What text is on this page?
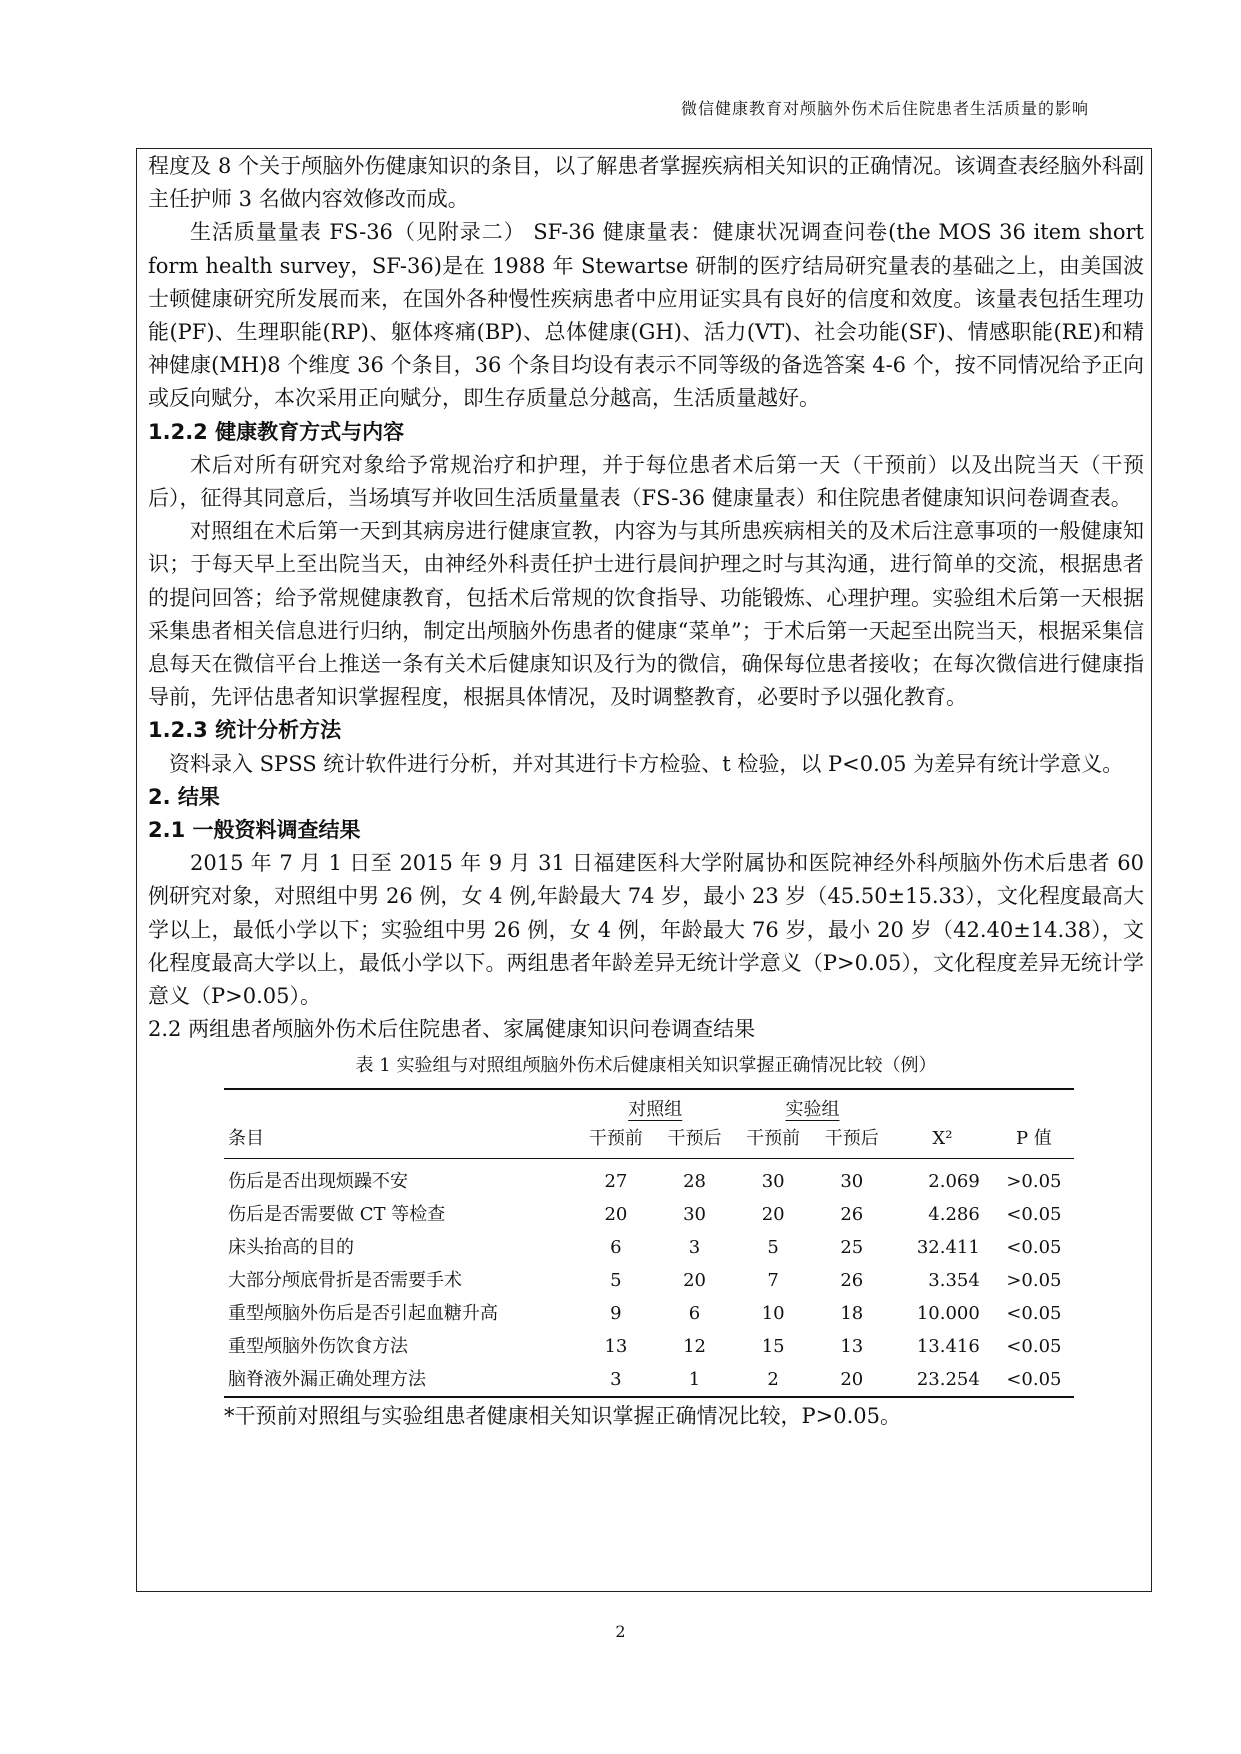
微信健康教育对颅脑外伤术后住院患者生活质量的影响

程度及 8 个关于颅脑外伤健康知识的条目，以了解患者掌握疾病相关知识的正确情况。该调查表经脑外科副主任护师 3 名做内容效修改而成。

生活质量量表 FS-36（见附录二） SF-36 健康量表：健康状况调查问卷(the MOS 36 item short form health survey，SF-36)是在 1988 年 Stewartse 研制的医疗结局研究量表的基础之上，由美国波士顿健康研究所发展而来，在国外各种慢性疾病患者中应用证实具有良好的信度和效度。该量表包括生理功能(PF)、生理职能(RP)、躯体疼痛(BP)、总体健康(GH)、活力(VT)、社会功能(SF)、情感职能(RE)和精神健康(MH)8 个维度 36 个条目，36 个条目均设有表示不同等级的备选答案 4-6 个，按不同情况给予正向或反向赋分，本次采用正向赋分，即生存质量总分越高，生活质量越好。

1.2.2 健康教育方式与内容

术后对所有研究对象给予常规治疗和护理，并于每位患者术后第一天（干预前）以及出院当天（干预后），征得其同意后，当场填写并收回生活质量量表（FS-36 健康量表）和住院患者健康知识问卷调查表。

对照组在术后第一天到其病房进行健康宣教，内容为与其所患疾病相关的及术后注意事项的一般健康知识；于每天早上至出院当天，由神经外科责任护士进行晨间护理之时与其沟通，进行简单的交流，根据患者的提问回答；给予常规健康教育，包括术后常规的饮食指导、功能锻炼、心理护理。实验组术后第一天根据采集患者相关信息进行归纳，制定出颅脑外伤患者的健康“菜单”；于术后第一天起至出院当天，根据采集信息每天在微信平台上推送一条有关术后健康知识及行为的微信，确保每位患者接收；在每次微信进行健康指导前，先评估患者知识掌握程度，根据具体情况，及时调整教育，必要时予以强化教育。

1.2.3 统计分析方法

资料录入 SPSS 统计软件进行分析，并对其进行卡方检验、t 检验，以 P<0.05 为差异有统计学意义。

2. 结果

2.1 一般资料调查结果

2015 年 7 月 1 日至 2015 年 9 月 31 日福建医科大学附属协和医院神经外科颅脑外伤术后患者 60 例研究对象，对照组中男 26 例，女 4 例,年龄最大 74 岁，最小 23 岁（45.50±15.33），文化程度最高大学以上，最低小学以下；实验组中男 26 例，女 4 例，年龄最大 76 岁，最小 20 岁（42.40±14.38），文化程度最高大学以上，最低小学以下。两组患者年龄差异无统计学意义（P>0.05），文化程度差异无统计学意义（P>0.05）。

2.2 两组患者颅脑外伤术后住院患者、家属健康知识问卷调查结果

表 1 实验组与对照组颅脑外伤术后健康相关知识掌握正确情况比较（例）
	对照组		实验组			
条目	干预前	干预后	干预前	干预后	X²	P 值
伤后是否出现烦躁不安	27	28	30	30	2.069	>0.05
伤后是否需要做 CT 等检查	20	30	20	26	4.286	<0.05
床头抬高的目的	6	3	5	25	32.411	<0.05
大部分颅底骨折是否需要手术	5	20	7	26	3.354	>0.05
重型颅脑外伤后是否引起血糖升高	9	6	10	18	10.000	<0.05
重型颅脑外伤饮食方法	13	12	15	13	13.416	<0.05
脑脊液外漏正确处理方法	3	1	2	20	23.254	<0.05
*干预前对照组与实验组患者健康相关知识掌握正确情况比较，P>0.05。
2
